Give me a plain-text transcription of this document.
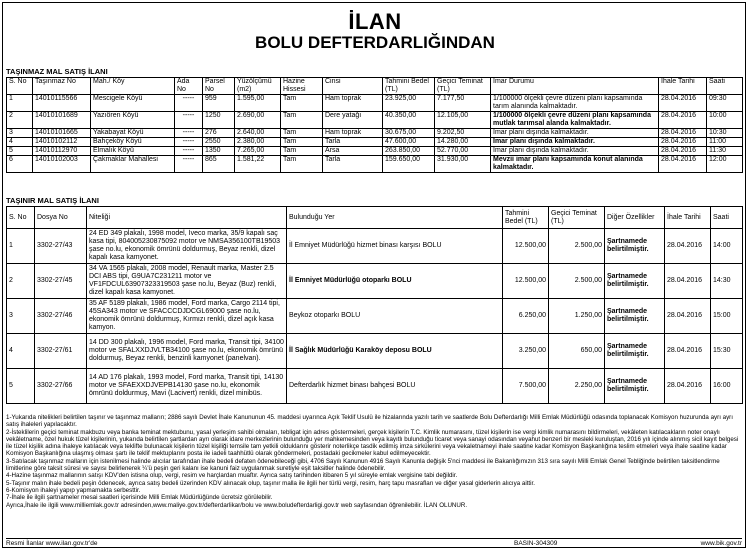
İLAN
BOLU DEFTERDARLIĞINDAN
TAŞINMAZ MAL SATIŞ İLANI
S. No	Taşınmaz No	Mah./ Köy	Ada No	Parsel No	Yüzölçümü (m2)	Hazine Hissesi	Cinsi	Tahmini Bedel (TL)	Geçici Teminat (TL)	İmar Durumu	İhale Tarihi	Saati
1	14010115566	Mescigele Köyü	-----	959	1.595,00	Tam	Ham toprak	23.925,00	7.177,50	1/100000 ölçekli çevre düzeni planı kapsamında tarım alanında kalmaktadır.	28.04.2016	09:30
2	14010101689	Yazıören Köyü	-----	1250	2.690,00	Tam	Dere yatağı	40.350,00	12.105,00	1/100000 ölçekli çevre düzeni planı kapsamında mutlak tarımsal alanda kalmaktadır.	28.04.2016	10:00
3	14010101665	Yakabayat Köyü	-----	276	2.640,00	Tam	Ham toprak	30.675,00	9.202,50	İmar planı dışında kalmaktadır.	28.04.2016	10:30
4	14010102112	Bahçeköy Köyü	-----	2550	2.380,00	Tam	Tarla	47.600,00	14.280,00	İmar planı dışında kalmaktadır.	28.04.2016	11:00
5	14010112970	Elmalık Köyü	-----	1350	7.265,00	Tam	Arsa	263.850,00	52.770,00	İmar planı dışında kalmaktadır.	28.04.2016	11:30
6	14010102003	Çakmaklar Mahallesi	-----	865	1.581,22	Tam	Tarla	159.650,00	31.930,00	Mevzii imar planı kapsamında konut alanında kalmaktadır.	28.04.2016	12:00
TAŞINIR MAL SATIŞ İLANI
S. No	Dosya No	Niteliği	Bulunduğu Yer	Tahmini Bedel (TL)	Geçici Teminat (TL)	Diğer Özellikler	İhale Tarihi	Saati
1	3302-27/43	24 ED 349 plakalı, 1998 model, İveco marka, 35/9 kapalı saç kasa tipi, 804005230875092 motor ve NMSA356100TB19503 şase no.lu, ekonomik ömrünü doldurmuş, Beyaz renkli, dizel kapalı kasa kamyonet.	İl Emniyet Müdürlüğü hizmet binası karşısı BOLU	12.500,00	2.500,00	Şartnamede belirtilmiştir.	28.04.2016	14:00
2	3302-27/45	34 VA 1565 plakalı, 2008 model, Renault marka, Master 2.5 DCI ABS tipi, G9UA7C231211 motor ve VF1FDCUL63907323319503 şase no.lu, Beyaz (Buz) renkli, dizel kapalı kasa kamyonet.	İl Emniyet Müdürlüğü otoparkı BOLU	12.500,00	2.500,00	Şartnamede belirtilmiştir.	28.04.2016	14:30
3	3302-27/46	35 AF 5189 plakalı, 1986 model, Ford marka, Cargo 2114 tipi, 45SA343 motor ve SFACCCDJDCGL69000 şase no.lu, ekonomik ömrünü doldurmuş, Kırmızı renkli, dizel açık kasa kamyon.	Beykoz otoparkı BOLU	6.250,00	1.250,00	Şartnamede belirtilmiştir.	28.04.2016	15:00
4	3302-27/61	14 DD 300 plakalı, 1996 model, Ford marka, Transit tipi, 34100 motor ve SFALXXDJVLTB34100 şase no.lu, ekonomik ömrünü doldurmuş, Beyaz renkli, benzinli kamyonet (panelvan).	İl Sağlık Müdürlüğü Karaköy deposu BOLU	3.250,00	650,00	Şartnamede belirtilmiştir.	28.04.2016	15:30
5	3302-27/66	14 AD 176 plakalı, 1993 model, Ford marka, Transit tipi, 14130 motor ve SFAEXXDJVEPB14130 şase no.lu, ekonomik ömrünü doldurmuş, Mavi (Lacivert) renkli, dizel minibüs.	Defterdarlık hizmet binası bahçesi BOLU	7.500,00	2.250,00	Şartnamede belirtilmiştir.	28.04.2016	16:00

1-Yukarıda nitelikleri belirtilen taşınır ve taşınmaz malların; 2886 sayılı Devlet İhale Kanununun 45. maddesi uyarınca Açık Teklif Usulü ile hizalarında yazılı tarih ve saatlerde Bolu Defterdarlığı Milli Emlak Müdürlüğü odasında toplanacak Komisyon huzurunda ayrı ayrı satış ihaleleri yapılacaktır.

2-İsteklilerin geçici teminat makbuzu veya banka teminat mektubunu, yasal yerleşim sahibi olmaları, tebligat için adres göstermeleri, gerçek kişilerin T.C. Kimlik numarasını, tüzel kişilerin ise vergi kimlik numarasını bildirmeleri, vekâleten katılacakların noter onaylı vekâletname, özel hukuk tüzel kişilerinin, yukarıda belirtilen şartlardan ayrı olarak idare merkezlerinin bulunduğu yer mahkemesinden veya kayıtlı bulunduğu ticaret veya sanayi odasından veyahut benzeri bir mesleki kuruluştan, 2016 yılı içinde alınmış sicil kayıt belgesi ile tüzel kişilik adına ihaleye katılacak veya teklifte bulunacak kişilerin tüzel kişiliği temsile tam yetkili olduklarını gösterir noterlikçe tasdik edilmiş imza sirkülerini veya vekaletnameyi ihale saatine kadar Komisyon Başkanlığına teslim etmeleri veya ihale saatine kadar Komisyon Başkanlığına ulaşmış olması şartı ile teklif mektuplarını posta ile iadeli taahhütlü olarak göndermeleri, postadaki gecikmeler kabul edilmeyecektir.

3-Satılacak taşınmaz malların için istenilmesi halinde alıcılar tarafından ihale bedeli defaten ödenebileceği gibi, 4706 Sayılı Kanunun 4916 Sayılı Kanunla değişik 5'nci maddesi ile Bakanlığımızın 313 sıra sayılı Milli Emlak Genel Tebliğinde belirtilen taksitlendirme limitlerine göre taksit süresi ve sayısı belirlenerek ¼'ü peşin geri kalanı ise kanuni faiz uygulanmak suretiyle eşit taksitler halinde ödenebilir.

4-Hazine taşınmaz mallarının satışı KDV'den istisna olup, vergi, resim ve harçlardan muaftır. Ayrıca satış tarihinden itibaren 5 yıl süreyle emlak vergisine tabi değildir.

5-Taşınır malın ihale bedeli peşin ödenecek, ayrıca satış bedeli üzerinden KDV alınacak olup, taşınır malla ile ilgili her türlü vergi, resim, harç tapu masrafları ve diğer yasal giderlerin alıcıya aittir.

6-Komisyon ihaleyi yapıp yapmamakta serbesttir.

7-İhale ile ilgili şartnameler mesai saatleri içerisinde Milli Emlak Müdürlüğünde ücretsiz görülebilir.

Ayrıca,İhale ile ilgili www.milliemlak.gov.tr adresinden,www.maliye.gov.tr/defterdarlikar/bolu ve www.boludefterdarligi.gov.tr web sayfasından öğrenilebilir. İLAN OLUNUR.

Resmi İlanlar www.ilan.gov.tr'de	BASIN-304309	www.bik.gov.tr
